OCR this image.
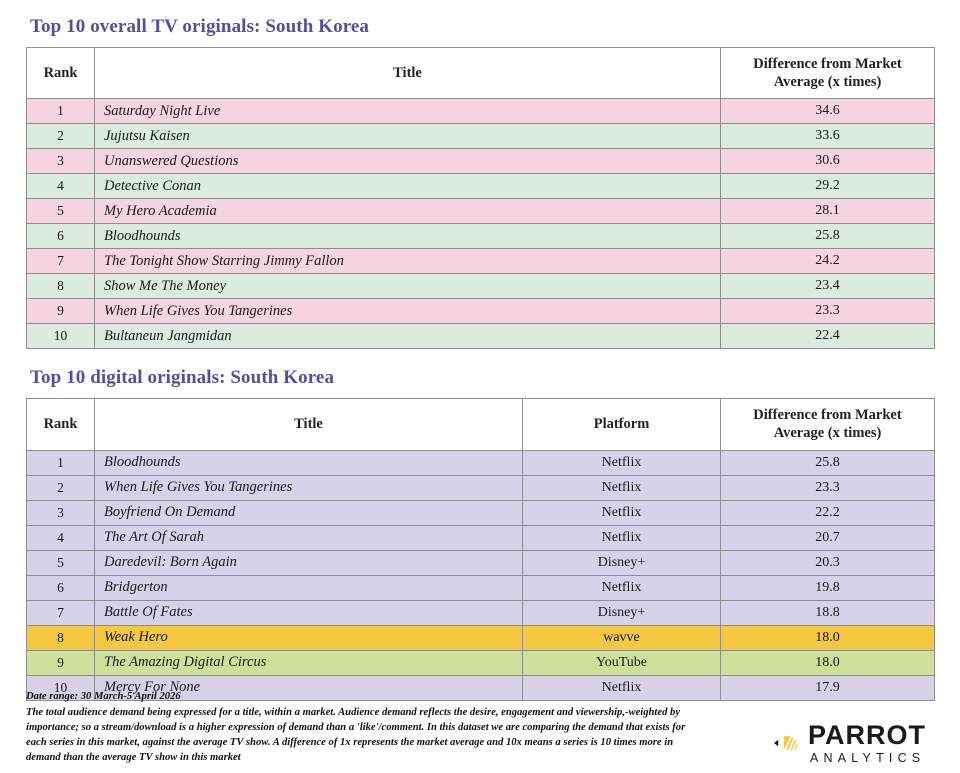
Top 10 overall TV originals: South Korea
Rank	Title	Difference from Market
Average (x times)
1	Saturday Night Live	34.6
2	Jujutsu Kaisen	33.6
3	Unanswered Questions	30.6
4	Detective Conan	29.2
5	My Hero Academia	28.1
6	Bloodhounds	25.8
7	The Tonight Show Starring Jimmy Fallon	24.2
8	Show Me The Money	23.4
9	When Life Gives You Tangerines	23.3
10	Bultaneun Jangmidan	22.4
Top 10 digital originals: South Korea
Rank	Title	Platform	Difference from Market
Average (x times)
1	Bloodhounds	Netflix	25.8
2	When Life Gives You Tangerines	Netflix	23.3
3	Boyfriend On Demand	Netflix	22.2
4	The Art Of Sarah	Netflix	20.7
5	Daredevil: Born Again	Disney+	20.3
6	Bridgerton	Netflix	19.8
7	Battle Of Fates	Disney+	18.8
8	Weak Hero	wavve	18.0
9	The Amazing Digital Circus	YouTube	18.0
10	Mercy For None	Netflix	17.9
Date range: 30 March-5 April 2026
The total audience demand being expressed for a title, within a market. Audience demand reflects the desire, engagement and viewership,-weighted by importance; so a stream/download is a higher expression of demand than a 'like'/comment. In this dataset we are comparing the demand that exists for each series in this market, against the average TV show. A difference of 1x represents the market average and 10x means a series is 10 times more in demand than the average TV show in this market
PARROT
ANALYTICS
